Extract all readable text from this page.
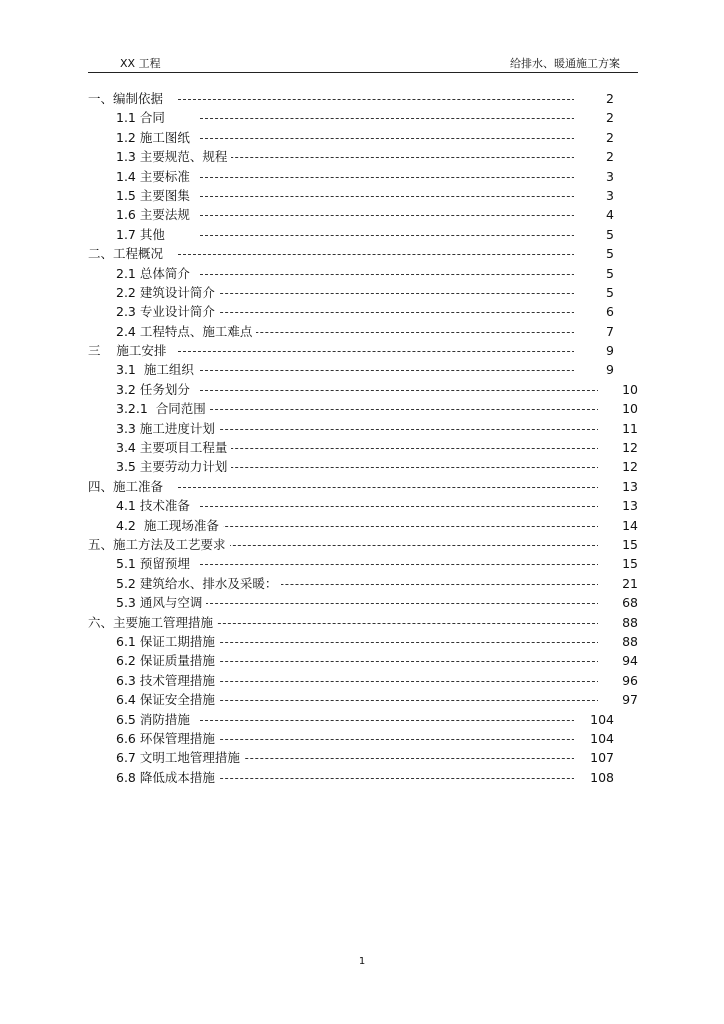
XX 工程	给排水、暖通施工方案
一、编制依据	2
1.1 合同	2
1.2 施工图纸	2
1.3 主要规范、规程	2
1.4 主要标准	3
1.5 主要图集	3
1.6 主要法规	4
1.7 其他	5
二、工程概况	5
2.1 总体简介	5
2.2 建筑设计简介	5
2.3 专业设计简介	6
2.4 工程特点、施工难点	7
三    施工安排	9
3.1  施工组织	9
3.2 任务划分	10
3.2.1  合同范围	10
3.3 施工进度计划	11
3.4 主要项目工程量	12
3.5 主要劳动力计划	12
四、施工准备	13
4.1 技术准备	13
4.2  施工现场准备	14
五、施工方法及工艺要求	15
5.1 预留预埋	15
5.2 建筑给水、排水及采暖：	21
5.3 通风与空调	68
六、主要施工管理措施	88
6.1 保证工期措施	88
6.2 保证质量措施	94
6.3 技术管理措施	96
6.4 保证安全措施	97
6.5 消防措施	104
6.6 环保管理措施	104
6.7 文明工地管理措施	107
6.8 降低成本措施	108
1
